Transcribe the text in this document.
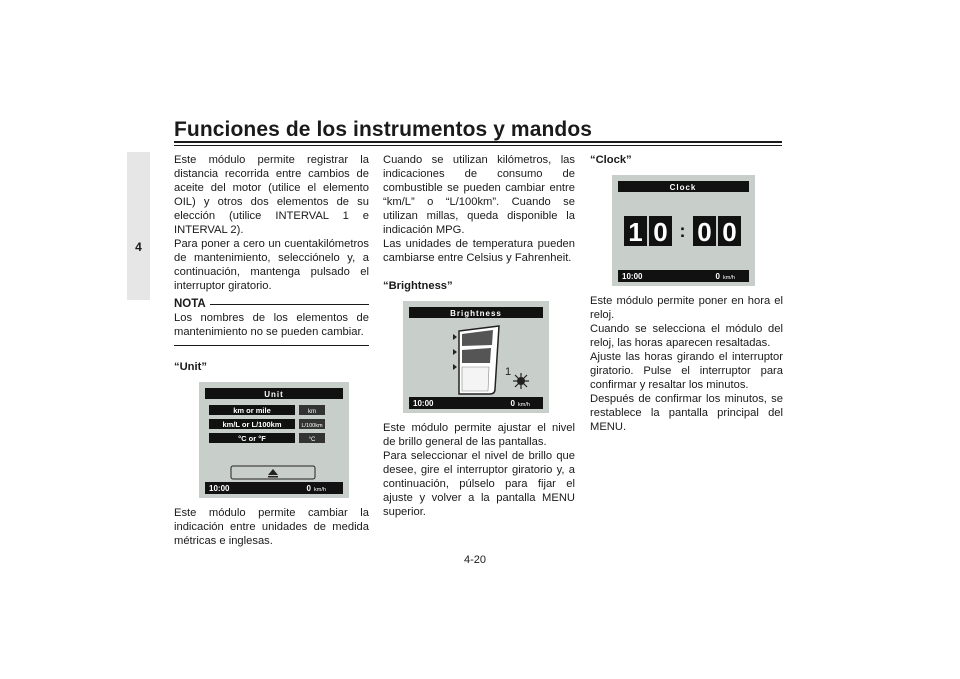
Funciones de los instrumentos y mandos
4

Este módulo permite registrar la distancia recorrida entre cambios de aceite del motor (utilice el elemento OIL) y otros dos elementos de su elección (utilice INTERVAL 1 e INTERVAL 2).

Para poner a cero un cuentakilómetros de mantenimiento, selecciónelo y, a continuación, mantenga pulsado el interruptor giratorio.

NOTA

Los nombres de los elementos de mantenimiento no se pueden cambiar.

“Unit”

Unit
km or mile	km
km/L or L/100km	L/100km
°C or °F	°C
10:00	0 km/h

Este módulo permite cambiar la indicación entre unidades de medida métricas e inglesas.

Cuando se utilizan kilómetros, las indicaciones de consumo de combustible se pueden cambiar entre “km/L” o “L/100km”. Cuando se utilizan millas, queda disponible la indicación MPG.

Las unidades de temperatura pueden cambiarse entre Celsius y Fahrenheit.

“Brightness”

Brightness
1
10:00	0 km/h

Este módulo permite ajustar el nivel de brillo general de las pantallas.

Para seleccionar el nivel de brillo que desee, gire el interruptor giratorio y, a continuación, púlselo para fijar el ajuste y volver a la pantalla MENU superior.

“Clock”

Clock
1 0 : 0 0
10:00	0 km/h

Este módulo permite poner en hora el reloj.

Cuando se selecciona el módulo del reloj, las horas aparecen resaltadas.

Ajuste las horas girando el interruptor giratorio. Pulse el interruptor para confirmar y resaltar los minutos.

Después de confirmar los minutos, se restablece la pantalla principal del MENU.

4-20
